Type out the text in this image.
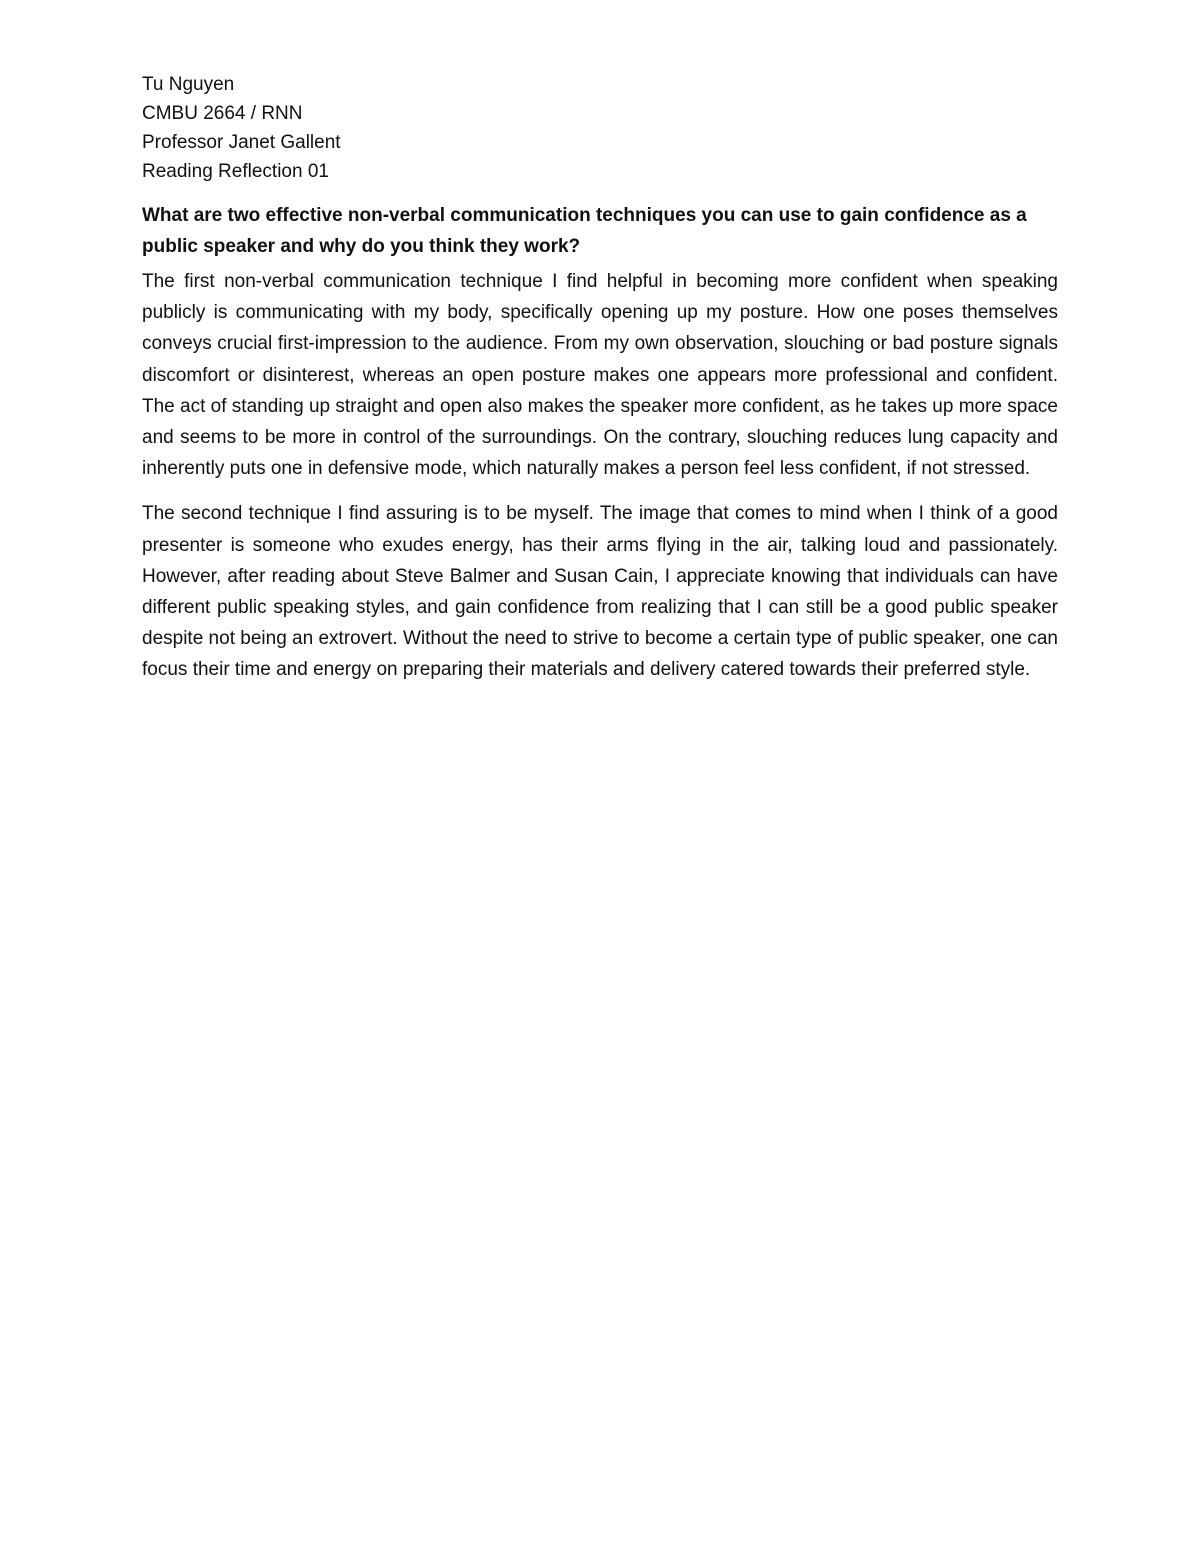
Tu Nguyen

CMBU 2664 / RNN

Professor Janet Gallent

Reading Reflection 01

What are two effective non-verbal communication techniques you can use to gain confidence as a public speaker and why do you think they work?

The first non-verbal communication technique I find helpful in becoming more confident when speaking publicly is communicating with my body, specifically opening up my posture. How one poses themselves conveys crucial first-impression to the audience. From my own observation, slouching or bad posture signals discomfort or disinterest, whereas an open posture makes one appears more professional and confident. The act of standing up straight and open also makes the speaker more confident, as he takes up more space and seems to be more in control of the surroundings. On the contrary, slouching reduces lung capacity and inherently puts one in defensive mode, which naturally makes a person feel less confident, if not stressed.

The second technique I find assuring is to be myself. The image that comes to mind when I think of a good presenter is someone who exudes energy, has their arms flying in the air, talking loud and passionately. However, after reading about Steve Balmer and Susan Cain, I appreciate knowing that individuals can have different public speaking styles, and gain confidence from realizing that I can still be a good public speaker despite not being an extrovert. Without the need to strive to become a certain type of public speaker, one can focus their time and energy on preparing their materials and delivery catered towards their preferred style.
